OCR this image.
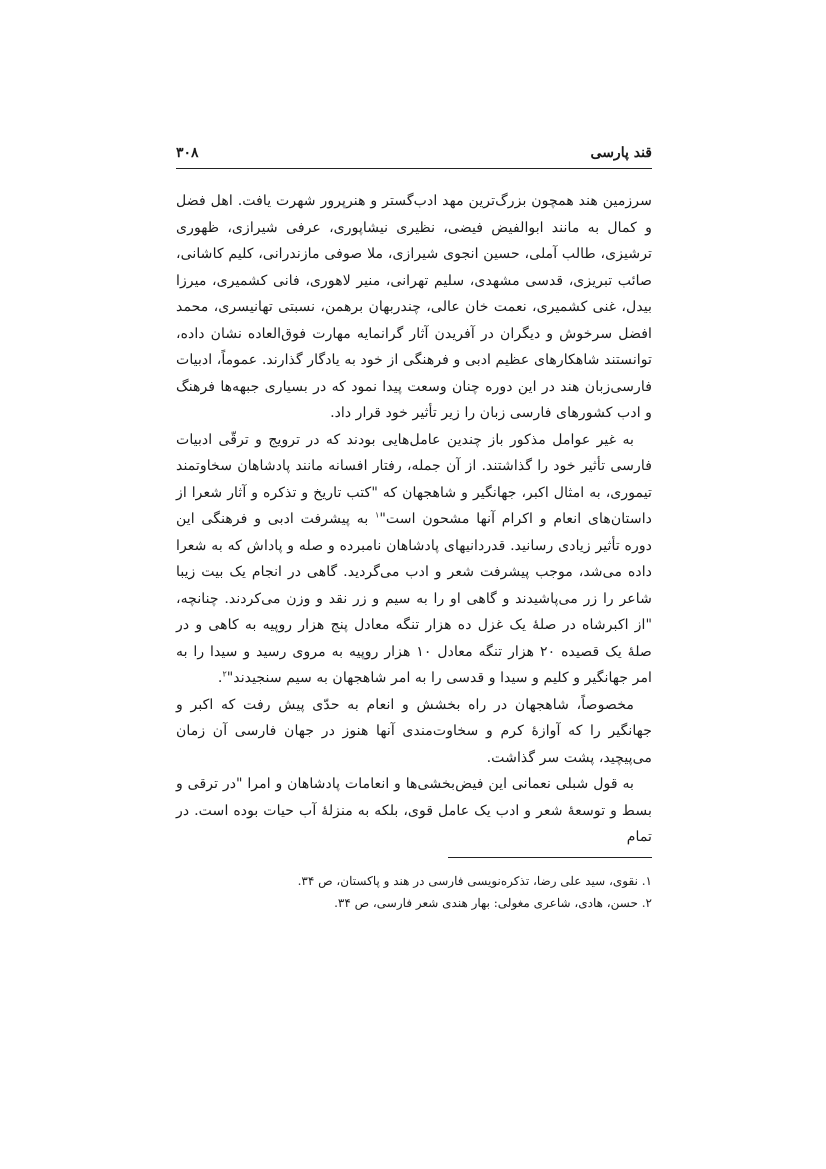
قند پارسی
۳۰۸

سرزمین هند همچون بزرگ‌ترین مهد ادب‌گستر و هنرپرور شهرت یافت. اهل فضل و کمال به مانند ابوالفیض فیضی، نظیری نیشاپوری، عرفی شیرازی، ظهوری ترشیزی، طالب آملی، حسین انجوی شیرازی، ملا صوفی مازندرانی، کلیم کاشانی، صائب تبریزی، قدسی مشهدی، سلیم تهرانی، منیر لاهوری، فانی کشمیری، میرزا بیدل، غنی کشمیری، نعمت خان عالی، چندربهان برهمن، نسبتی تهانیسری، محمد افضل سرخوش و دیگران در آفریدن آثار گرانمایه مهارت فوق‌العاده نشان داده، توانستند شاهکارهای عظیم ادبی و فرهنگی از خود به یادگار گذارند. عموماً، ادبیات فارسی‌زبان هند در این دوره چنان وسعت پیدا نمود که در بسیاری جبهه‌ها فرهنگ و ادب کشورهای فارسی زبان را زیر تأثیر خود قرار داد.

به غیر عوامل مذکور باز چندین عامل‌هایی بودند که در ترویج و ترقّی ادبیات فارسی تأثیر خود را گذاشتند. از آن جمله، رفتار افسانه مانند پادشاهان سخاوتمند تیموری، به امثال اکبر، جهانگیر و شاهجهان که "کتب تاریخ و تذکره و آثار شعرا از داستان‌های انعام و اکرام آنها مشحون است"$^۱$ به پیشرفت ادبی و فرهنگی این دوره تأثیر زیادی رسانید. قدردانیهای پادشاهان نامبرده و صله و پاداش که به شعرا داده می‌شد، موجب پیشرفت شعر و ادب می‌گردید. گاهی در انجام یک بیت زیبا شاعر را زر می‌پاشیدند و گاهی او را به سیم و زر نقد و وزن می‌کردند. چنانچه، "از اکبرشاه در صلهٔ یک غزل ده هزار تنگه معادل پنج هزار روپیه به کاهی و در صلهٔ یک قصیده ۲۰ هزار تنگه معادل ۱۰ هزار روپیه به مروی رسید و سیدا را به امر جهانگیر و کلیم و سیدا و قدسی را به امر شاهجهان به سیم سنجیدند"$^۲$.

مخصوصاً، شاهجهان در راه بخشش و انعام به حدّی پیش رفت که اکبر و جهانگیر را که آوازهٔ کرم و سخاوت‌مندی آنها هنوز در جهان فارسی آن زمان می‌پیچید، پشت سر گذاشت.

به قول شبلی نعمانی این فیض‌بخشی‌ها و انعامات پادشاهان و امرا "در ترقی و بسط و توسعهٔ شعر و ادب یک عامل قوی، بلکه به منزلهٔ آب حیات بوده است. در تمام

۱. نقوی، سید علی رضا، تذکره‌نویسی فارسی در هند و پاکستان، ص ۳۴.
۲. حسن، هادی، شاعری مغولی: بهار هندی شعر فارسی، ص ۳۴.
